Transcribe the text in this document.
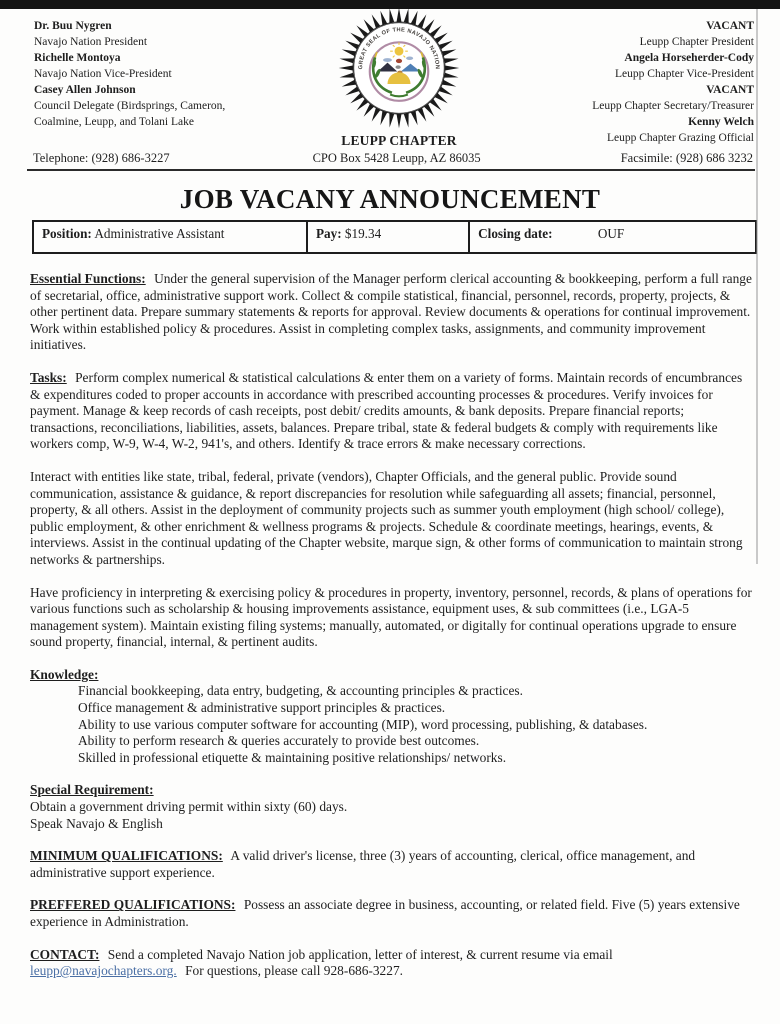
Dr. Buu Nygren
Navajo Nation President
Richelle Montoya
Navajo Nation Vice-President
Casey Allen Johnson
Council Delegate (Birdsprings, Cameron,
Coalmine, Leupp, and Tolani Lake
GREAT SEAL OF THE NAVAJO NATION
LEUPP CHAPTER
VACANT
Leupp Chapter President
Angela Horseherder-Cody
Leupp Chapter Vice-President
VACANT
Leupp Chapter Secretary/Treasurer
Kenny Welch
Leupp Chapter Grazing Official
Telephone: (928) 686-3227	CPO Box 5428 Leupp, AZ 86035	Facsimile: (928) 686 3232
JOB VACANY ANNOUNCEMENT
Position: Administrative Assistant	Pay: $19.34	Closing date:	OUF

Essential Functions: Under the general supervision of the Manager perform clerical accounting & bookkeeping, perform a full range of secretarial, office, administrative support work. Collect & compile statistical, financial, personnel, records, property, projects, & other pertinent data. Prepare summary statements & reports for approval. Review documents & operations for continual improvement. Work within established policy & procedures. Assist in completing complex tasks, assignments, and community improvement initiatives.

Tasks: Perform complex numerical & statistical calculations & enter them on a variety of forms. Maintain records of encumbrances & expenditures coded to proper accounts in accordance with prescribed accounting processes & procedures. Verify invoices for payment. Manage & keep records of cash receipts, post debit/ credits amounts, & bank deposits. Prepare financial reports; transactions, reconciliations, liabilities, assets, balances. Prepare tribal, state & federal budgets & comply with requirements like workers comp, W-9, W-4, W-2, 941's, and others. Identify & trace errors & make necessary corrections.

Interact with entities like state, tribal, federal, private (vendors), Chapter Officials, and the general public. Provide sound communication, assistance & guidance, & report discrepancies for resolution while safeguarding all assets; financial, personnel, property, & all others. Assist in the deployment of community projects such as summer youth employment (high school/ college), public employment, & other enrichment & wellness programs & projects. Schedule & coordinate meetings, hearings, events, & interviews. Assist in the continual updating of the Chapter website, marque sign, & other forms of communication to maintain strong networks & partnerships.

Have proficiency in interpreting & exercising policy & procedures in property, inventory, personnel, records, & plans of operations for various functions such as scholarship & housing improvements assistance, equipment uses, & sub committees (i.e., LGA-5 management system). Maintain existing filing systems; manually, automated, or digitally for continual operations upgrade to ensure sound property, financial, internal, & pertinent audits.

Knowledge:
Financial bookkeeping, data entry, budgeting, & accounting principles & practices.
Office management & administrative support principles & practices.
Ability to use various computer software for accounting (MIP), word processing, publishing, & databases.
Ability to perform research & queries accurately to provide best outcomes.
Skilled in professional etiquette & maintaining positive relationships/ networks.
Special Requirement:
Obtain a government driving permit within sixty (60) days.
Speak Navajo & English

MINIMUM QUALIFICATIONS: A valid driver's license, three (3) years of accounting, clerical, office management, and administrative support experience.

PREFFERED QUALIFICATIONS: Possess an associate degree in business, accounting, or related field. Five (5) years extensive experience in Administration.

CONTACT: Send a completed Navajo Nation job application, letter of interest, & current resume via email leupp@navajochapters.org. For questions, please call 928-686-3227.
